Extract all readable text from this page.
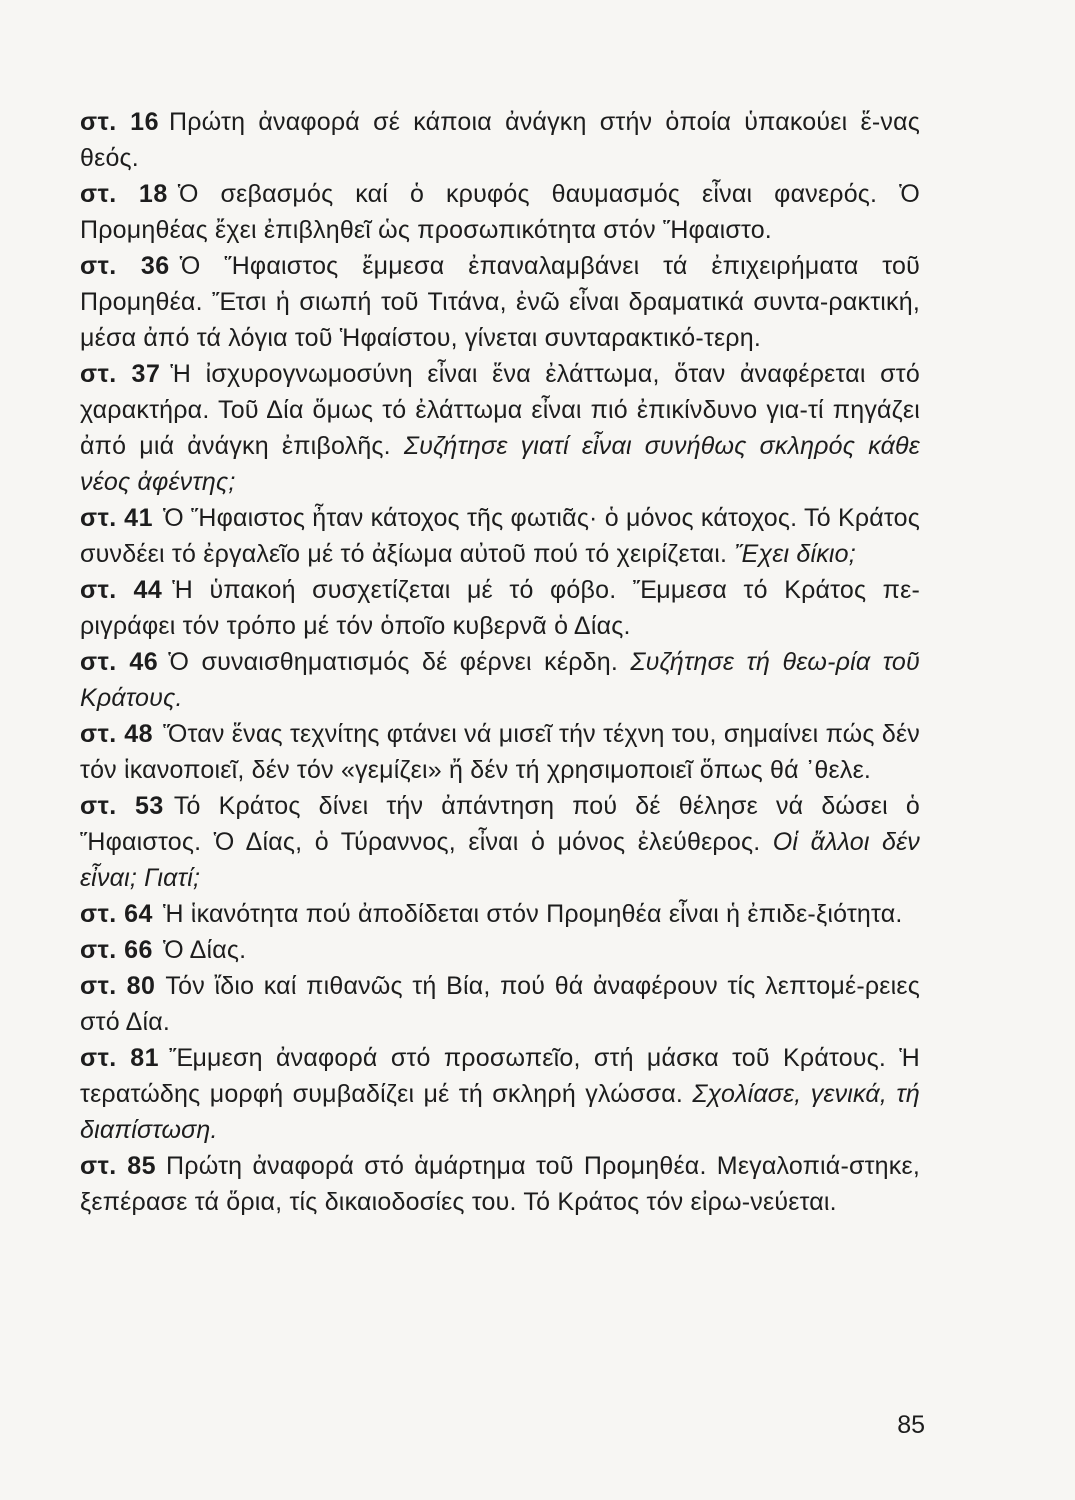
στ. 16 Πρώτη ἀναφορά σέ κάποια ἀνάγκη στήν ὁποία ὑπακούει ἕ-νας θεός.
στ. 18 Ὁ σεβασμός καί ὁ κρυφός θαυμασμός εἶναι φανερός. Ὁ Προμηθέας ἔχει ἐπιβληθεῖ ὡς προσωπικότητα στόν Ἥφαιστο.
στ. 36 Ὁ Ἥφαιστος ἔμμεσα ἐπαναλαμβάνει τά ἐπιχειρήματα τοῦ Προμηθέα. Ἔτσι ἡ σιωπή τοῦ Τιτάνα, ἐνῶ εἶναι δραματικά συντα-ρακτική, μέσα ἀπό τά λόγια τοῦ Ἡφαίστου, γίνεται συνταρακτικό-τερη.
στ. 37 Ἡ ἰσχυρογνωμοσύνη εἶναι ἕνα ἐλάττωμα, ὅταν ἀναφέρεται στό χαρακτήρα. Τοῦ Δία ὅμως τό ἐλάττωμα εἶναι πιό ἐπικίνδυνο για-τί πηγάζει ἀπό μιά ἀνάγκη ἐπιβολῆς. Συζήτησε γιατί εἶναι συνήθως σκληρός κάθε νέος ἀφέντης;
στ. 41 Ὁ Ἥφαιστος ἦταν κάτοχος τῆς φωτιᾶς· ὁ μόνος κάτοχος. Τό Κράτος συνδέει τό ἐργαλεῖο μέ τό ἀξίωμα αὐτοῦ πού τό χειρίζεται. Ἔχει δίκιο;
στ. 44 Ἡ ὑπακοή συσχετίζεται μέ τό φόβο. Ἔμμεσα τό Κράτος πε-ριγράφει τόν τρόπο μέ τόν ὁποῖο κυβερνᾶ ὁ Δίας.
στ. 46 Ὁ συναισθηματισμός δέ φέρνει κέρδη. Συζήτησε τή θεω-ρία τοῦ Κράτους.
στ. 48 Ὅταν ἕνας τεχνίτης φτάνει νά μισεῖ τήν τέχνη του, σημαίνει πώς δέν τόν ἱκανοποιεῖ, δέν τόν «γεμίζει» ἤ δέν τή χρησιμοποιεῖ ὅπως θά ᾽θελε.
στ. 53 Τό Κράτος δίνει τήν ἀπάντηση πού δέ θέλησε νά δώσει ὁ Ἥφαιστος. Ὁ Δίας, ὁ Τύραννος, εἶναι ὁ μόνος ἐλεύθερος. Οἱ ἄλλοι δέν εἶναι; Γιατί;
στ. 64 Ἡ ἱκανότητα πού ἀποδίδεται στόν Προμηθέα εἶναι ἡ ἐπιδε-ξιότητα.
στ. 66 Ὁ Δίας.
στ. 80 Τόν ἴδιο καί πιθανῶς τή Βία, πού θά ἀναφέρουν τίς λεπτομέ-ρειες στό Δία.
στ. 81 Ἔμμεση ἀναφορά στό προσωπεῖο, στή μάσκα τοῦ Κράτους. Ἡ τερατώδης μορφή συμβαδίζει μέ τή σκληρή γλώσσα. Σχολίασε, γενικά, τή διαπίστωση.
στ. 85 Πρώτη ἀναφορά στό ἁμάρτημα τοῦ Προμηθέα. Μεγαλοπιά-στηκε, ξεπέρασε τά ὅρια, τίς δικαιοδοσίες του. Τό Κράτος τόν εἰρω-νεύεται.
85
